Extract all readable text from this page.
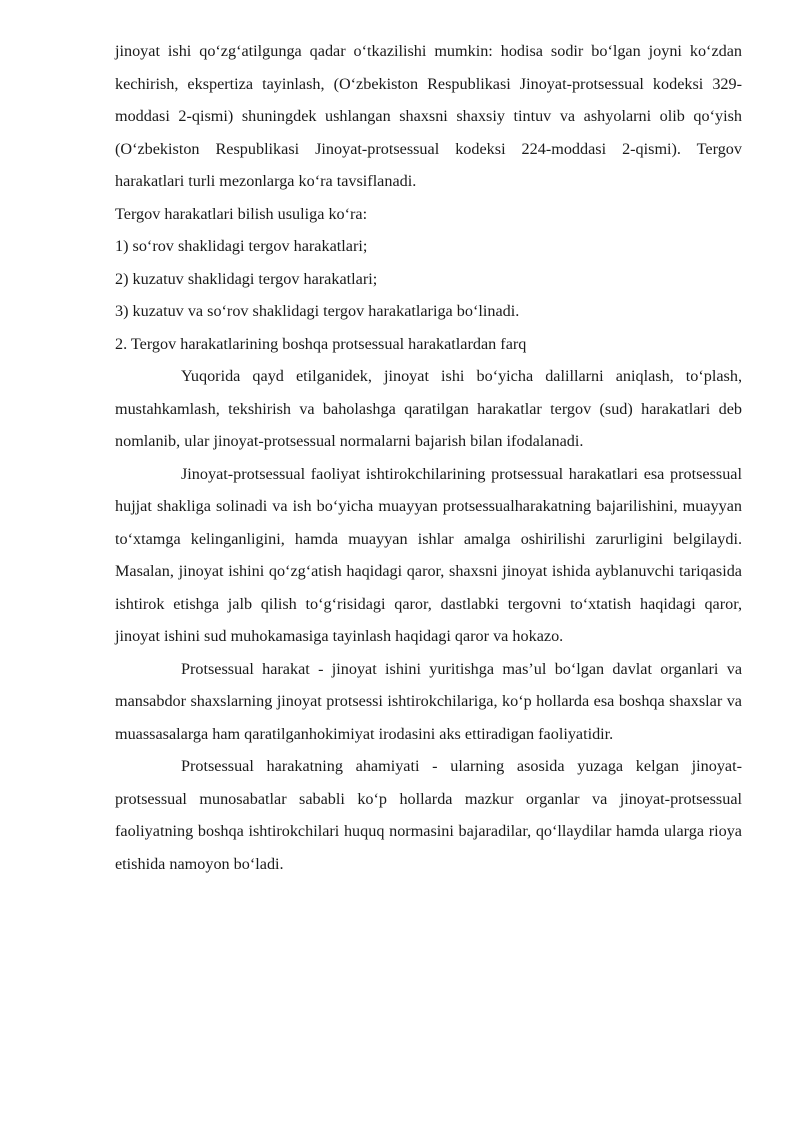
jinoyat ishi qo‘zg‘atilgunga qadar o‘tkazilishi mumkin: hodisa sodir bo‘lgan joyni ko‘zdan kechirish, ekspertiza tayinlash, (O‘zbekiston Respublikasi Jinoyat-protsessual kodeksi 329-moddasi 2-qismi) shuningdek ushlangan shaxsni shaxsiy tintuv va ashyolarni olib qo‘yish (O‘zbekiston Respublikasi Jinoyat-protsessual kodeksi 224-moddasi 2-qismi). Tergov harakatlari turli mezonlarga ko‘ra tavsiflanadi.

Tergov harakatlari bilish usuliga ko‘ra:

1) so‘rov shaklidagi tergov harakatlari;

2) kuzatuv shaklidagi tergov harakatlari;

3) kuzatuv va so‘rov shaklidagi tergov harakatlariga bo‘linadi.

2. Tergov harakatlarining boshqa protsessual harakatlardan farq

Yuqorida qayd etilganidek, jinoyat ishi bo‘yicha dalillarni aniqlash, to‘plash, mustahkamlash, tekshirish va baholashga qaratilgan harakatlar tergov (sud) harakatlari deb nomlanib, ular jinoyat-protsessual normalarni bajarish bilan ifodalanadi.

Jinoyat-protsessual faoliyat ishtirokchilarining protsessual harakatlari esa protsessual hujjat shakliga solinadi va ish bo‘yicha muayyan protsessualharakatning bajarilishini, muayyan to‘xtamga kelinganligini, hamda muayyan ishlar amalga oshirilishi zarurligini belgilaydi. Masalan, jinoyat ishini qo‘zg‘atish haqidagi qaror, shaxsni jinoyat ishida ayblanuvchi tariqasida ishtirok etishga jalb qilish to‘g‘risidagi qaror, dastlabki tergovni to‘xtatish haqidagi qaror, jinoyat ishini sud muhokamasiga tayinlash haqidagi qaror va hokazo.

Protsessual harakat - jinoyat ishini yuritishga mas’ul bo‘lgan davlat organlari va mansabdor shaxslarning jinoyat protsessi ishtirokchilariga, ko‘p hollarda esa boshqa shaxslar va muassasalarga ham qaratilganhokimiyat irodasini aks ettiradigan faoliyatidir.

Protsessual harakatning ahamiyati - ularning asosida yuzaga kelgan jinoyat-protsessual munosabatlar sababli ko‘p hollarda mazkur organlar va jinoyat-protsessual faoliyatning boshqa ishtirokchilari huquq normasini bajaradilar, qo‘llaydilar hamda ularga rioya etishida namoyon bo‘ladi.
